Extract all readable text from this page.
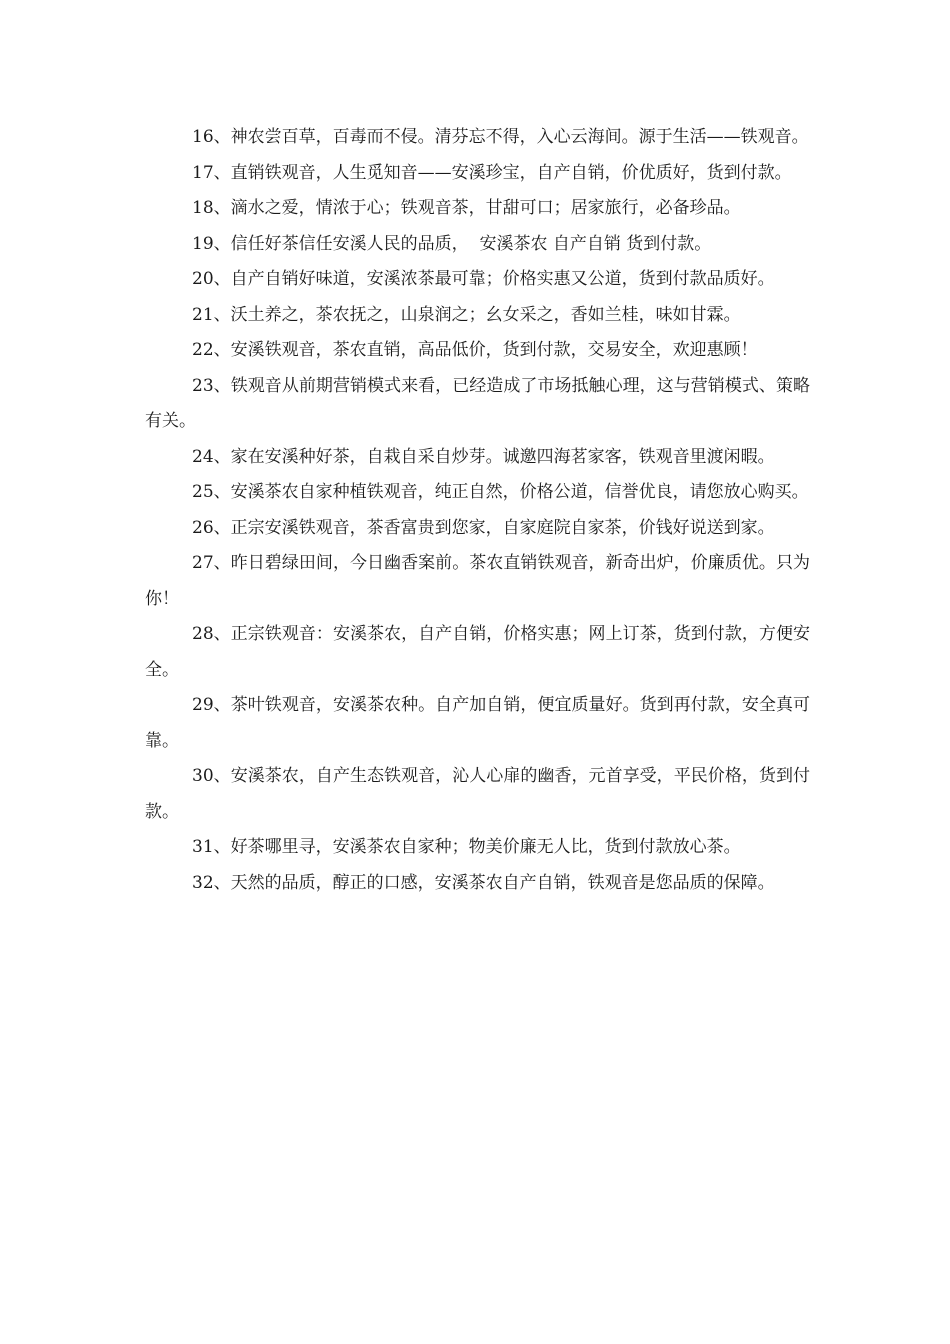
16、神农尝百草，百毒而不侵。清芬忘不得，入心云海间。源于生活——铁观音。

17、直销铁观音，人生觅知音——安溪珍宝，自产自销，价优质好，货到付款。

18、滴水之爱，情浓于心；铁观音茶，甘甜可口；居家旅行，必备珍品。

19、信任好茶信任安溪人民的品质，  安溪茶农 自产自销 货到付款。

20、自产自销好味道，安溪浓茶最可靠；价格实惠又公道，货到付款品质好。

21、沃土养之，茶农抚之，山泉润之；幺女采之，香如兰桂，味如甘霖。

22、安溪铁观音，茶农直销，高品低价，货到付款，交易安全，欢迎惠顾！

23、铁观音从前期营销模式来看，已经造成了市场抵触心理，这与营销模式、策略有关。

24、家在安溪种好茶，自栽自采自炒芽。诚邀四海茗家客，铁观音里渡闲暇。

25、安溪茶农自家种植铁观音，纯正自然，价格公道，信誉优良，请您放心购买。

26、正宗安溪铁观音，茶香富贵到您家，自家庭院自家茶，价钱好说送到家。

27、昨日碧绿田间，今日幽香案前。茶农直销铁观音，新奇出炉，价廉质优。只为你！

28、正宗铁观音：安溪茶农，自产自销，价格实惠；网上订茶，货到付款，方便安全。

29、茶叶铁观音，安溪茶农种。自产加自销，便宜质量好。货到再付款，安全真可靠。

30、安溪茶农，自产生态铁观音，沁人心扉的幽香，元首享受，平民价格，货到付款。

31、好茶哪里寻，安溪茶农自家种；物美价廉无人比，货到付款放心茶。

32、天然的品质，醇正的口感，安溪茶农自产自销，铁观音是您品质的保障。
